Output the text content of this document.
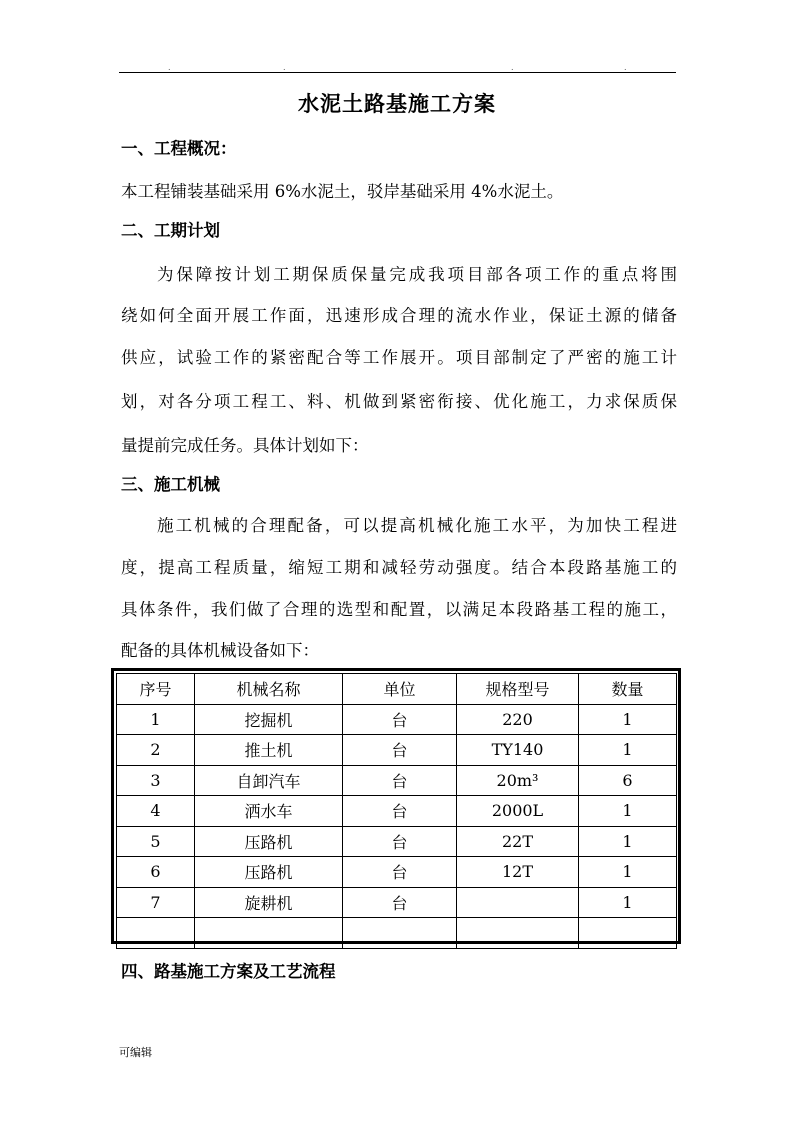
.	.	.	.
水泥土路基施工方案
一、工程概况：
本工程铺装基础采用 6%水泥土，驳岸基础采用 4%水泥土。
二、工期计划
为保障按计划工期保质保量完成我项目部各项工作的重点将围
绕如何全面开展工作面，迅速形成合理的流水作业，保证土源的储备
供应，试验工作的紧密配合等工作展开。项目部制定了严密的施工计
划，对各分项工程工、料、机做到紧密衔接、优化施工，力求保质保
量提前完成任务。具体计划如下：
三、施工机械
施工机械的合理配备，可以提高机械化施工水平，为加快工程进
度，提高工程质量，缩短工期和减轻劳动强度。结合本段路基施工的
具体条件，我们做了合理的选型和配置，以满足本段路基工程的施工，
配备的具体机械设备如下：
序号	机械名称	单位	规格型号	数量
1	挖掘机	台	220	1
2	推土机	台	TY140	1
3	自卸汽车	台	20m³	6
4	洒水车	台	2000L	1
5	压路机	台	22T	1
6	压路机	台	12T	1
7	旋耕机	台		1

四、路基施工方案及工艺流程
可编辑
